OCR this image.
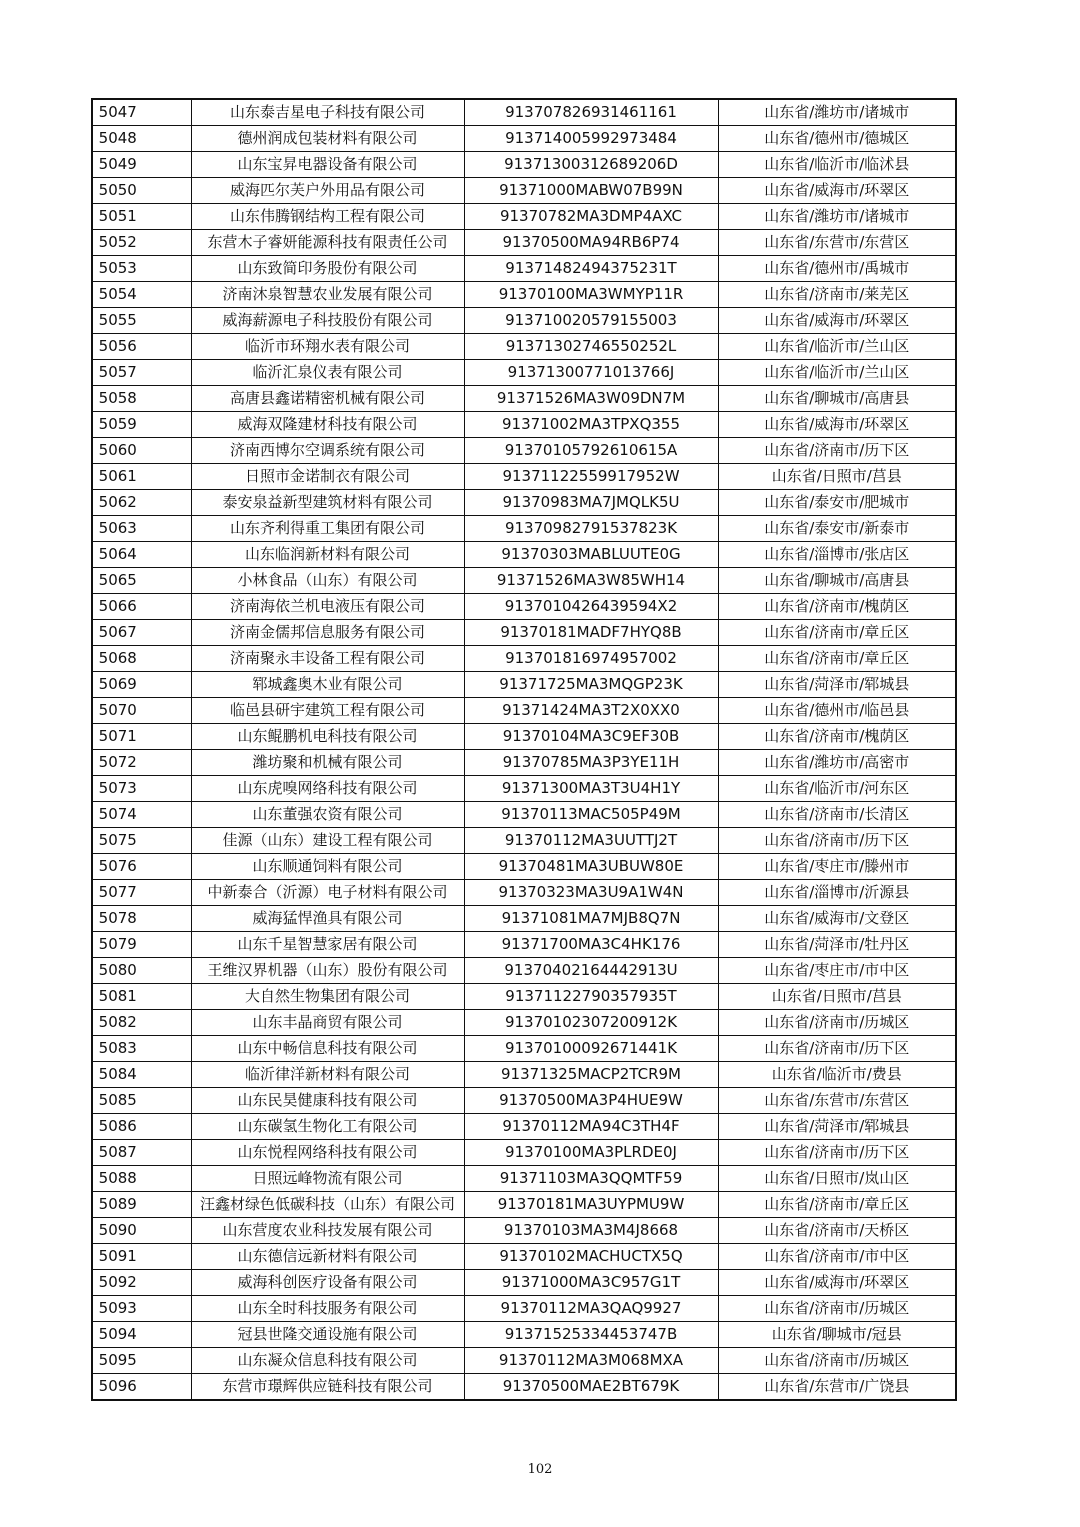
5047	山东泰吉星电子科技有限公司	913707826931461161	山东省/潍坊市/诸城市
5048	德州润成包装材料有限公司	913714005992973484	山东省/德州市/德城区
5049	山东宝昇电器设备有限公司	91371300312689206D	山东省/临沂市/临沭县
5050	威海匹尔芙户外用品有限公司	91371000MABW07B99N	山东省/威海市/环翠区
5051	山东伟腾钢结构工程有限公司	91370782MA3DMP4AXC	山东省/潍坊市/诸城市
5052	东营木子睿妍能源科技有限责任公司	91370500MA94RB6P74	山东省/东营市/东营区
5053	山东致简印务股份有限公司	91371482494375231T	山东省/德州市/禹城市
5054	济南沐泉智慧农业发展有限公司	91370100MA3WMYP11R	山东省/济南市/莱芜区
5055	威海薪源电子科技股份有限公司	913710020579155003	山东省/威海市/环翠区
5056	临沂市环翔水表有限公司	91371302746550252L	山东省/临沂市/兰山区
5057	临沂汇泉仪表有限公司	91371300771013766J	山东省/临沂市/兰山区
5058	高唐县鑫诺精密机械有限公司	91371526MA3W09DN7M	山东省/聊城市/高唐县
5059	威海双隆建材科技有限公司	91371002MA3TPXQ355	山东省/威海市/环翠区
5060	济南西博尔空调系统有限公司	91370105792610615A	山东省/济南市/历下区
5061	日照市金诺制衣有限公司	91371122559917952W	山东省/日照市/莒县
5062	泰安泉益新型建筑材料有限公司	91370983MA7JMQLK5U	山东省/泰安市/肥城市
5063	山东齐利得重工集团有限公司	91370982791537823K	山东省/泰安市/新泰市
5064	山东临润新材料有限公司	91370303MABLUUTE0G	山东省/淄博市/张店区
5065	小林食品（山东）有限公司	91371526MA3W85WH14	山东省/聊城市/高唐县
5066	济南海依兰机电液压有限公司	9137010426439594X2	山东省/济南市/槐荫区
5067	济南金儒邦信息服务有限公司	91370181MADF7HYQ8B	山东省/济南市/章丘区
5068	济南聚永丰设备工程有限公司	913701816974957002	山东省/济南市/章丘区
5069	郓城鑫奥木业有限公司	91371725MA3MQGP23K	山东省/菏泽市/郓城县
5070	临邑县研宇建筑工程有限公司	91371424MA3T2X0XX0	山东省/德州市/临邑县
5071	山东鲲鹏机电科技有限公司	91370104MA3C9EF30B	山东省/济南市/槐荫区
5072	潍坊聚和机械有限公司	91370785MA3P3YE11H	山东省/潍坊市/高密市
5073	山东虎嗅网络科技有限公司	91371300MA3T3U4H1Y	山东省/临沂市/河东区
5074	山东董强农资有限公司	91370113MAC505P49M	山东省/济南市/长清区
5075	佳源（山东）建设工程有限公司	91370112MA3UUTTJ2T	山东省/济南市/历下区
5076	山东顺通饲料有限公司	91370481MA3UBUW80E	山东省/枣庄市/滕州市
5077	中新泰合（沂源）电子材料有限公司	91370323MA3U9A1W4N	山东省/淄博市/沂源县
5078	威海猛悍渔具有限公司	91371081MA7MJB8Q7N	山东省/威海市/文登区
5079	山东千星智慧家居有限公司	91371700MA3C4HK176	山东省/菏泽市/牡丹区
5080	王维汉界机器（山东）股份有限公司	91370402164442913U	山东省/枣庄市/市中区
5081	大自然生物集团有限公司	91371122790357935T	山东省/日照市/莒县
5082	山东丰晶商贸有限公司	91370102307200912K	山东省/济南市/历城区
5083	山东中畅信息科技有限公司	91370100092671441K	山东省/济南市/历下区
5084	临沂律洋新材料有限公司	91371325MACP2TCR9M	山东省/临沂市/费县
5085	山东民昊健康科技有限公司	91370500MA3P4HUE9W	山东省/东营市/东营区
5086	山东碳氢生物化工有限公司	91370112MA94C3TH4F	山东省/菏泽市/郓城县
5087	山东悦程网络科技有限公司	91370100MA3PLRDE0J	山东省/济南市/历下区
5088	日照远峰物流有限公司	91371103MA3QQMTF59	山东省/日照市/岚山区
5089	汪鑫材绿色低碳科技（山东）有限公司	91370181MA3UYPMU9W	山东省/济南市/章丘区
5090	山东营度农业科技发展有限公司	91370103MA3M4J8668	山东省/济南市/天桥区
5091	山东德信远新材料有限公司	91370102MACHUCTX5Q	山东省/济南市/市中区
5092	威海科创医疗设备有限公司	91371000MA3C957G1T	山东省/威海市/环翠区
5093	山东全时科技服务有限公司	91370112MA3QAQ9927	山东省/济南市/历城区
5094	冠县世隆交通设施有限公司	91371525334453747B	山东省/聊城市/冠县
5095	山东凝众信息科技有限公司	91370112MA3M068MXA	山东省/济南市/历城区
5096	东营市璟辉供应链科技有限公司	91370500MAE2BT679K	山东省/东营市/广饶县
102
